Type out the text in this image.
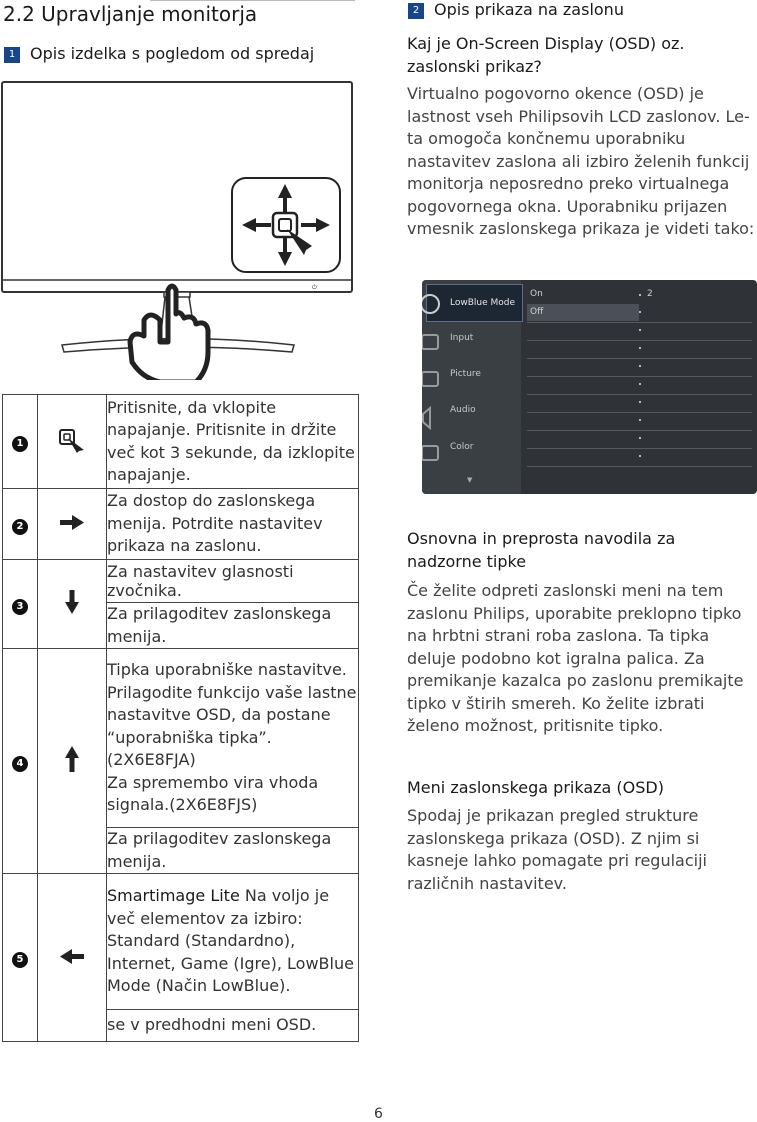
2.2 Upravljanje monitorja
1 Opis izdelka s pogledom od spredaj
⏻
1		Pritisnite, da vklopite napajanje. Pritisnite in držite več kot 3 sekunde, da izklopite napajanje.
2		Za dostop do zaslonskega menija. Potrdite nastavitev prikaza na zaslonu.
3		Za nastavitev glasnosti zvočnika.
		Za prilagoditev zaslonskega menija.
4		Tipka uporabniške nastavitve. Prilagodite funkcijo vaše lastne nastavitve OSD, da postane “uporabniška tipka”.(2X6E8FJA)
Za spremembo vira vhoda signala.(2X6E8FJS)
		Za prilagoditev zaslonskega menija.
5		Smartimage Lite Na voljo je več elementov za izbiro: Standard (Standardno), Internet, Game (Igre), LowBlue Mode (Način LowBlue).
		se v predhodni meni OSD.
2 Opis prikaza na zaslonu
Kaj je On-Screen Display (OSD) oz. zaslonski prikaz?
Virtualno pogovorno okence (OSD) je lastnost vseh Philipsovih LCD zaslonov. Le-ta omogoča končnemu uporabniku nastavitev zaslona ali izbiro želenih funkcij monitorja neposredno preko virtualnega pogovornega okna. Uporabniku prijazen vmesnik zaslonskega prikaza je videti tako:
LowBlue Mode
Input
Picture
Audio
Color
▼
On
Off
2
Osnovna in preprosta navodila za nadzorne tipke
Če želite odpreti zaslonski meni na tem zaslonu Philips, uporabite preklopno tipko na hrbtni strani roba zaslona. Ta tipka deluje podobno kot igralna palica. Za premikanje kazalca po zaslonu premikajte tipko v štirih smereh. Ko želite izbrati želeno možnost, pritisnite tipko.
Meni zaslonskega prikaza (OSD)
Spodaj je prikazan pregled strukture zaslonskega prikaza (OSD). Z njim si kasneje lahko pomagate pri regulaciji različnih nastavitev.
6
